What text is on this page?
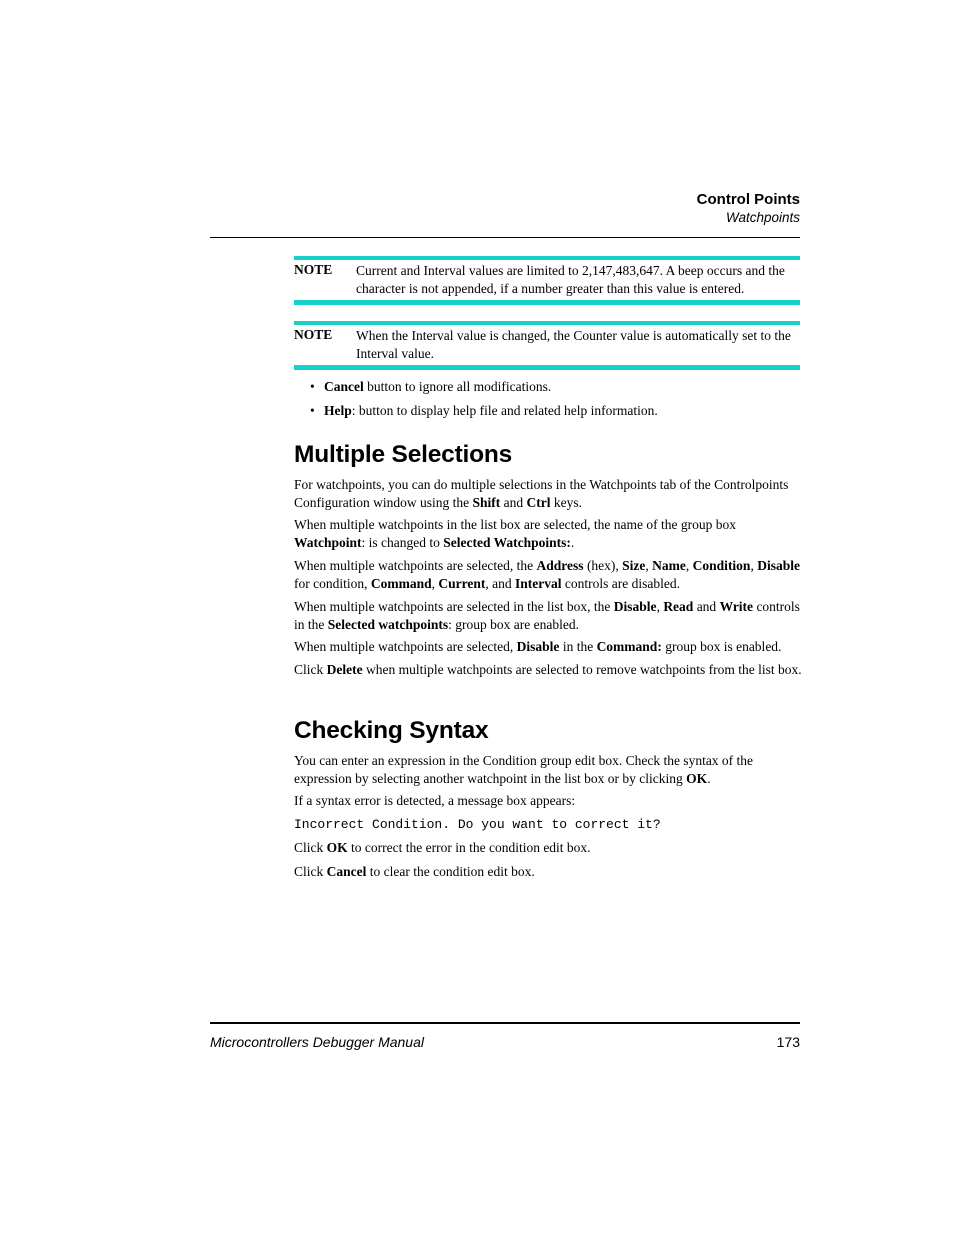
Control Points
Watchpoints
NOTE Current and Interval values are limited to 2,147,483,647. A beep occurs and the character is not appended, if a number greater than this value is entered.
NOTE When the Interval value is changed, the Counter value is automatically set to the Interval value.
• Cancel button to ignore all modifications.
• Help: button to display help file and related help information.
Multiple Selections

For watchpoints, you can do multiple selections in the Watchpoints tab of the Controlpoints Configuration window using the Shift and Ctrl keys.

When multiple watchpoints in the list box are selected, the name of the group box Watchpoint: is changed to Selected Watchpoints:.

When multiple watchpoints are selected, the Address (hex), Size, Name, Condition, Disable for condition, Command, Current, and Interval controls are disabled.

When multiple watchpoints are selected in the list box, the Disable, Read and Write controls in the Selected watchpoints: group box are enabled.

When multiple watchpoints are selected, Disable in the Command: group box is enabled.

Click Delete when multiple watchpoints are selected to remove watchpoints from the list box.

Checking Syntax

You can enter an expression in the Condition group edit box. Check the syntax of the expression by selecting another watchpoint in the list box or by clicking OK.

If a syntax error is detected, a message box appears:

Incorrect Condition. Do you want to correct it?

Click OK to correct the error in the condition edit box.

Click Cancel to clear the condition edit box.

Microcontrollers Debugger Manual	173
